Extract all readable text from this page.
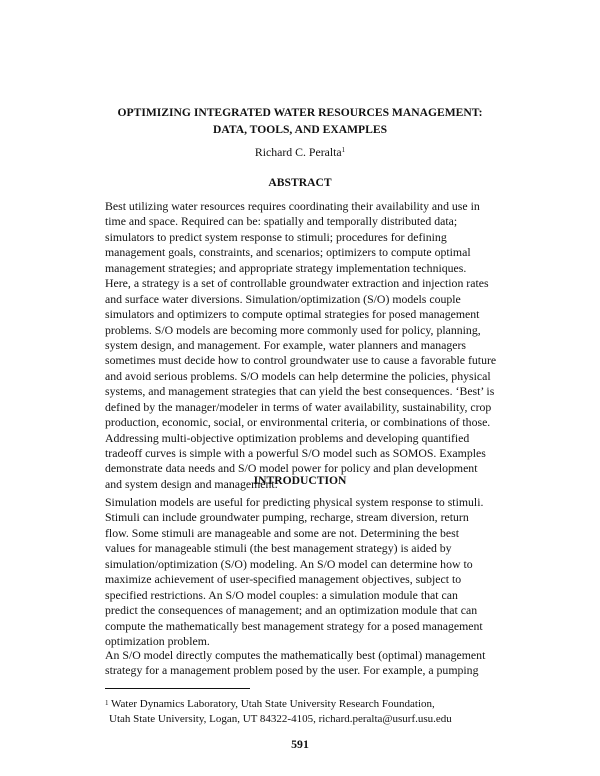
OPTIMIZING INTEGRATED WATER RESOURCES MANAGEMENT:
DATA, TOOLS, AND EXAMPLES
Richard C. Peralta$^1$
ABSTRACT
Best utilizing water resources requires coordinating their availability and use in
time and space. Required can be: spatially and temporally distributed data;
simulators to predict system response to stimuli; procedures for defining
management goals, constraints, and scenarios; optimizers to compute optimal
management strategies; and appropriate strategy implementation techniques.
Here, a strategy is a set of controllable groundwater extraction and injection rates
and surface water diversions. Simulation/optimization (S/O) models couple
simulators and optimizers to compute optimal strategies for posed management
problems. S/O models are becoming more commonly used for policy, planning,
system design, and management. For example, water planners and managers
sometimes must decide how to control groundwater use to cause a favorable future
and avoid serious problems. S/O models can help determine the policies, physical
systems, and management strategies that can yield the best consequences. ‘Best’ is
defined by the manager/modeler in terms of water availability, sustainability, crop
production, economic, social, or environmental criteria, or combinations of those.
Addressing multi-objective optimization problems and developing quantified
tradeoff curves is simple with a powerful S/O model such as SOMOS. Examples
demonstrate data needs and S/O model power for policy and plan development
and system design and management.
INTRODUCTION
Simulation models are useful for predicting physical system response to stimuli.
Stimuli can include groundwater pumping, recharge, stream diversion, return
flow. Some stimuli are manageable and some are not. Determining the best
values for manageable stimuli (the best management strategy) is aided by
simulation/optimization (S/O) modeling. An S/O model can determine how to
maximize achievement of user-specified management objectives, subject to
specified restrictions. An S/O model couples: a simulation module that can
predict the consequences of management; and an optimization module that can
compute the mathematically best management strategy for a posed management
optimization problem.
An S/O model directly computes the mathematically best (optimal) management
strategy for a management problem posed by the user. For example, a pumping
$^1$ Water Dynamics Laboratory, Utah State University Research Foundation,
Utah State University, Logan, UT 84322-4105, richard.peralta@usurf.usu.edu
591
